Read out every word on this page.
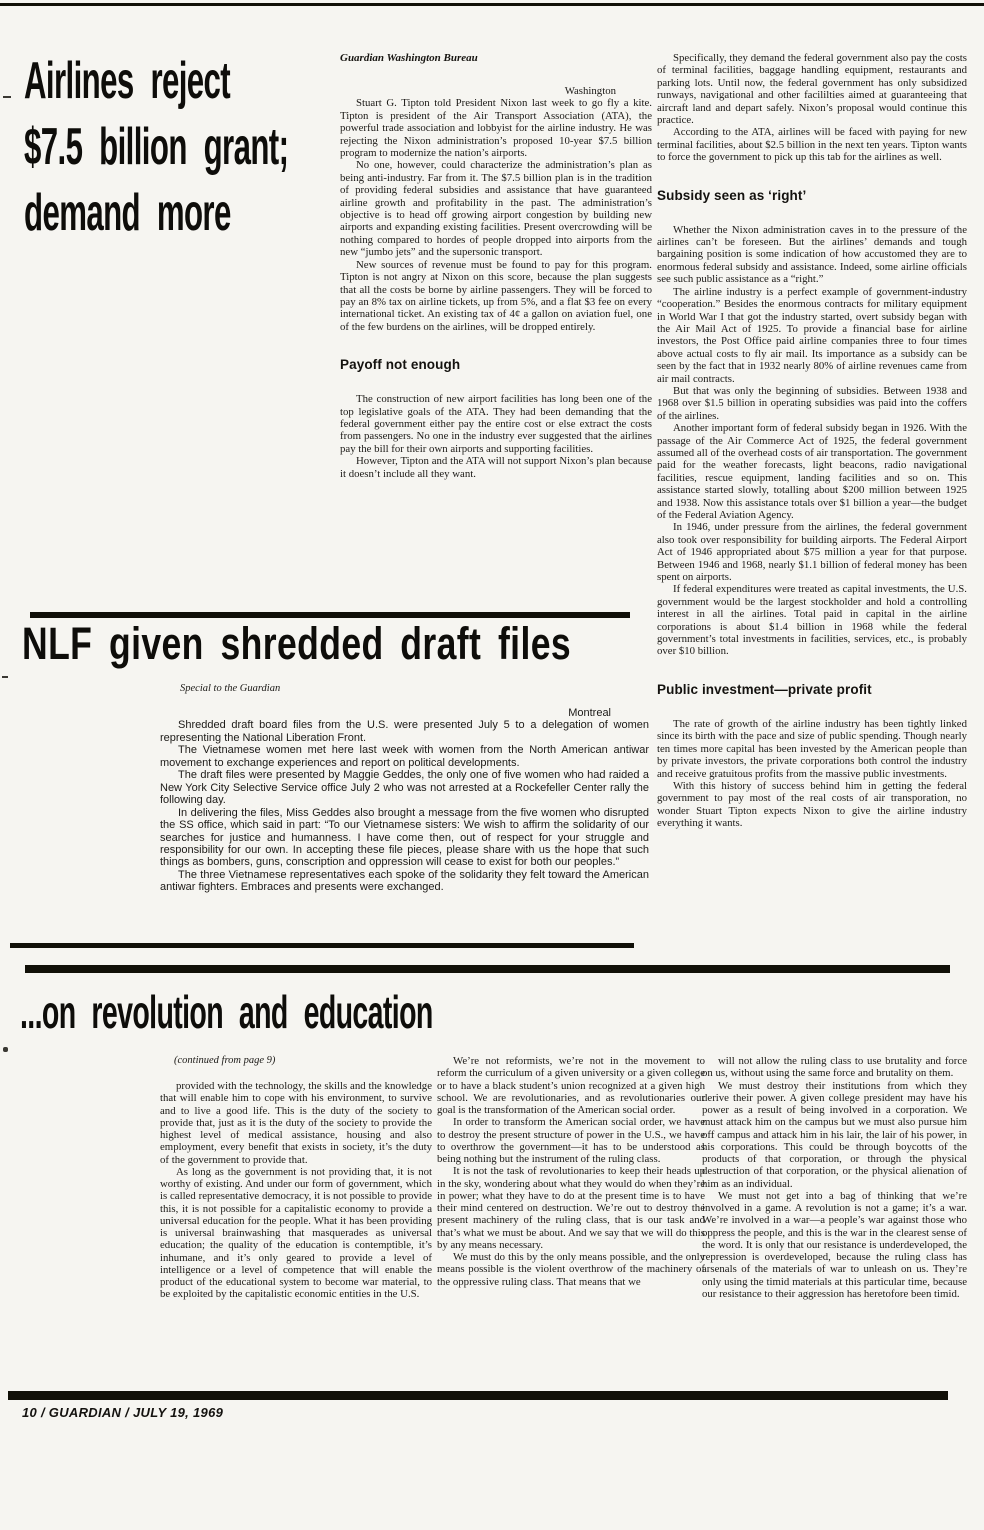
Airlines reject

$7.5 billion grant;

demand more

Guardian Washington Bureau
Washington

Stuart G. Tipton told President Nixon last week to go fly a kite. Tipton is president of the Air Transport Association (ATA), the powerful trade association and lobbyist for the airline industry. He was rejecting the Nixon administration’s proposed 10-year $7.5 billion program to modernize the nation’s airports.

No one, however, could characterize the administration’s plan as being anti-industry. Far from it. The $7.5 billion plan is in the tradition of providing federal subsidies and assistance that have guaranteed airline growth and profitability in the past. The administration’s objective is to head off growing airport congestion by building new airports and expanding existing facilities. Present overcrowding will be nothing compared to hordes of people dropped into airports from the new “jumbo jets” and the supersonic transport.

New sources of revenue must be found to pay for this program. Tipton is not angry at Nixon on this score, because the plan suggests that all the costs be borne by airline passengers. They will be forced to pay an 8% tax on airline tickets, up from 5%, and a flat $3 fee on every international ticket. An existing tax of 4¢ a gallon on aviation fuel, one of the few burdens on the airlines, will be dropped entirely.

Payoff not enough

The construction of new airport facilities has long been one of the top legislative goals of the ATA. They had been demanding that the federal government either pay the entire cost or else extract the costs from passengers. No one in the industry ever suggested that the airlines pay the bill for their own airports and supporting facilities.

However, Tipton and the ATA will not support Nixon’s plan because it doesn’t include all they want.

Specifically, they demand the federal government also pay the costs of terminal facilities, baggage handling equipment, restaurants and parking lots. Until now, the federal government has only subsidized runways, navigational and other facililties aimed at guaranteeing that aircraft land and depart safely. Nixon’s proposal would continue this practice.

According to the ATA, airlines will be faced with paying for new terminal facilities, about $2.5 billion in the next ten years. Tipton wants to force the government to pick up this tab for the airlines as well.

Subsidy seen as ‘right’

Whether the Nixon administration caves in to the pressure of the airlines can’t be foreseen. But the airlines’ demands and tough bargaining position is some indication of how accustomed they are to enormous federal subsidy and assistance. Indeed, some airline officials see such public assistance as a “right.”

The airline industry is a perfect example of government-industry “cooperation.” Besides the enormous contracts for military equipment in World War I that got the industry started, overt subsidy began with the Air Mail Act of 1925. To provide a financial base for airline investors, the Post Office paid airline companies three to four times above actual costs to fly air mail. Its importance as a subsidy can be seen by the fact that in 1932 nearly 80% of airline revenues came from air mail contracts.

But that was only the beginning of subsidies. Between 1938 and 1968 over $1.5 billion in operating subsidies was paid into the coffers of the airlines.

Another important form of federal subsidy began in 1926. With the passage of the Air Commerce Act of 1925, the federal government assumed all of the overhead costs of air transportation. The government paid for the weather forecasts, light beacons, radio navigational facilities, rescue equipment, landing facilities and so on. This assistance started slowly, totalling about $200 million between 1925 and 1938. Now this assistance totals over $1 billion a year—the budget of the Federal Aviation Agency.

In 1946, under pressure from the airlines, the federal government also took over responsibility for building airports. The Federal Airport Act of 1946 appropriated about $75 million a year for that purpose. Between 1946 and 1968, nearly $1.1 billion of federal money has been spent on airports.

If federal expenditures were treated as capital investments, the U.S. government would be the largest stockholder and hold a controlling interest in all the airlines. Total paid in capital in the airline corporations is about $1.4 billion in 1968 while the federal government’s total investments in facilities, services, etc., is probably over $10 billion.

Public investment—private profit

The rate of growth of the airline industry has been tightly linked since its birth with the pace and size of public spending. Though nearly ten times more capital has been invested by the American people than by private investors, the private corporations both control the industry and receive gratuitous profits from the massive public investments.

With this history of success behind him in getting the federal government to pay most of the real costs of air transporation, no wonder Stuart Tipton expects Nixon to give the airline industry everything it wants.

NLF given shredded draft files
Special to the Guardian
Montreal

Shredded draft board files from the U.S. were presented July 5 to a delegation of women representing the National Liberation Front.

The Vietnamese women met here last week with women from the North American antiwar movement to exchange experiences and report on political developments.

The draft files were presented by Maggie Geddes, the only one of five women who had raided a New York City Selective Service office July 2 who was not arrested at a Rockefeller Center rally the following day.

In delivering the files, Miss Geddes also brought a message from the five women who disrupted the SS office, which said in part: “To our Vietnamese sisters: We wish to affirm the solidarity of our searches for justice and humanness. I have come then, out of respect for your struggle and responsibility for our own. In accepting these file pieces, please share with us the hope that such things as bombers, guns, conscription and oppression will cease to exist for both our peoples.”

The three Vietnamese representatives each spoke of the solidarity they felt toward the American antiwar fighters. Embraces and presents were exchanged.

...on revolution and education
(continued from page 9)

provided with the technology, the skills and the knowledge that will enable him to cope with his environment, to survive and to live a good life. This is the duty of the society to provide that, just as it is the duty of the society to provide the highest level of medical assistance, housing and also employment, every benefit that exists in society, it’s the duty of the government to provide that.

As long as the government is not providing that, it is not worthy of existing. And under our form of government, which is called representative democracy, it is not possible to provide this, it is not possible for a capitalistic economy to provide a universal education for the people. What it has been providing is universal brainwashing that masquerades as universal education; the quality of the education is contemptible, it’s inhumane, and it’s only geared to provide a level of intelligence or a level of competence that will enable the product of the educational system to become war material, to be exploited by the capitalistic economic entities in the U.S.

We’re not reformists, we’re not in the movement to reform the curriculum of a given university or a given college or to have a black student’s union recognized at a given high school. We are revolutionaries, and as revolutionaries our goal is the transformation of the American social order.

In order to transform the American social order, we have to destroy the present structure of power in the U.S., we have to overthrow the government—it has to be understood as being nothing but the instrument of the ruling class.

It is not the task of revolutionaries to keep their heads up in the sky, wondering about what they would do when they’re in power; what they have to do at the present time is to have their mind centered on destruction. We’re out to destroy the present machinery of the ruling class, that is our task and that’s what we must be about. And we say that we will do this by any means necessary.

We must do this by the only means possible, and the only means possible is the violent overthrow of the machinery of the oppressive ruling class. That means that we

will not allow the ruling class to use brutality and force on us, without using the same force and brutality on them.

We must destroy their institutions from which they derive their power. A given college president may have his power as a result of being involved in a corporation. We must attack him on the campus but we must also pursue him off campus and attack him in his lair, the lair of his power, in his corporations. This could be through boycotts of the products of that corporation, or through the physical destruction of that corporation, or the physical alienation of him as an individual.

We must not get into a bag of thinking that we’re involved in a game. A revolution is not a game; it’s a war. We’re involved in a war—a people’s war against those who oppress the people, and this is the war in the clearest sense of the word. It is only that our resistance is underdeveloped, the repression is overdeveloped, because the ruling class has arsenals of the materials of war to unleash on us. They’re only using the timid materials at this particular time, because our resistance to their aggression has heretofore been timid.

10 / GUARDIAN / JULY 19, 1969
